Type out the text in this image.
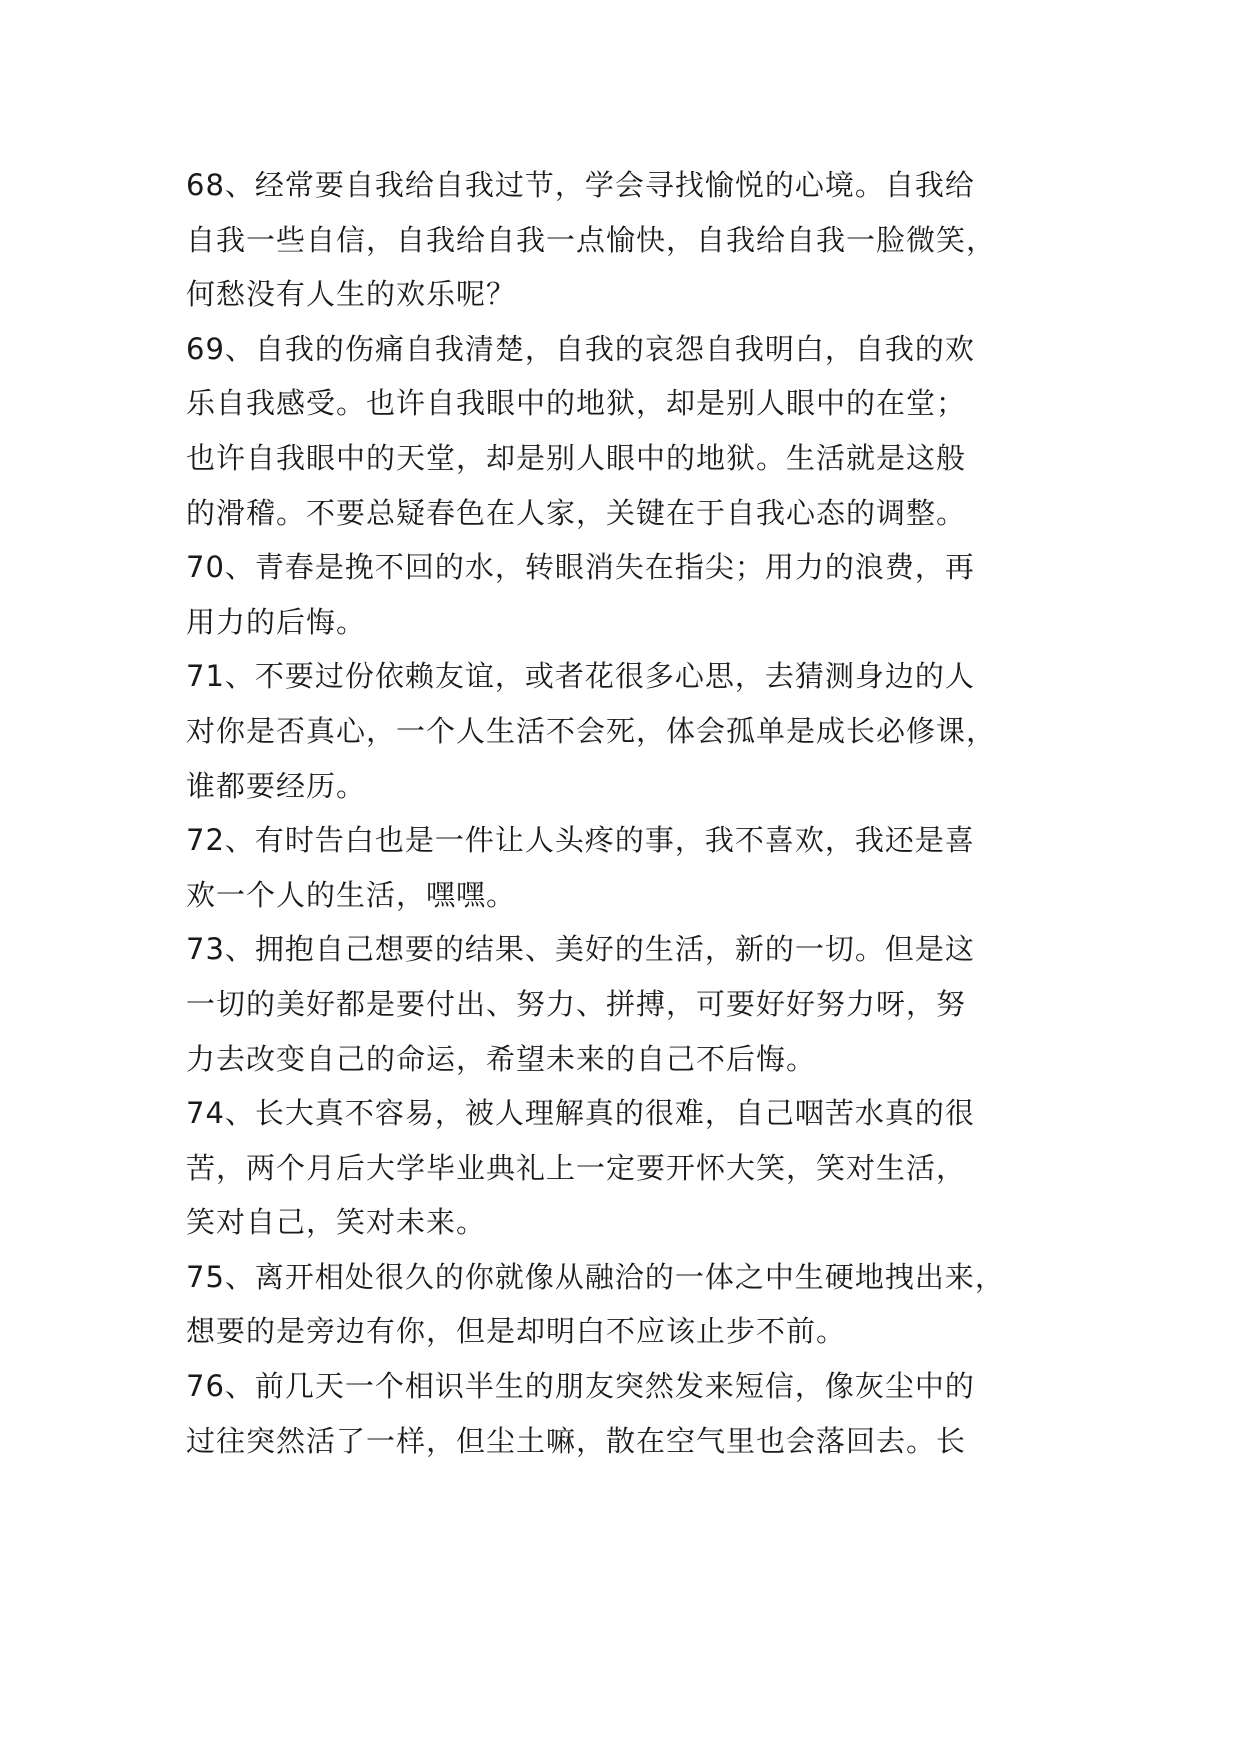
68、经常要自我给自我过节，学会寻找愉悦的心境。自我给
自我一些自信，自我给自我一点愉快，自我给自我一脸微笑，
何愁没有人生的欢乐呢？
69、自我的伤痛自我清楚，自我的哀怨自我明白，自我的欢
乐自我感受。也许自我眼中的地狱，却是别人眼中的在堂；
也许自我眼中的天堂，却是别人眼中的地狱。生活就是这般
的滑稽。不要总疑春色在人家，关键在于自我心态的调整。
70、青春是挽不回的水，转眼消失在指尖；用力的浪费，再
用力的后悔。
71、不要过份依赖友谊，或者花很多心思，去猜测身边的人
对你是否真心，一个人生活不会死，体会孤单是成长必修课，
谁都要经历。
72、有时告白也是一件让人头疼的事，我不喜欢，我还是喜
欢一个人的生活，嘿嘿。
73、拥抱自己想要的结果、美好的生活，新的一切。但是这
一切的美好都是要付出、努力、拼搏，可要好好努力呀，努
力去改变自己的命运，希望未来的自己不后悔。
74、长大真不容易，被人理解真的很难，自己咽苦水真的很
苦，两个月后大学毕业典礼上一定要开怀大笑，笑对生活，
笑对自己，笑对未来。
75、离开相处很久的你就像从融洽的一体之中生硬地拽出来，
想要的是旁边有你，但是却明白不应该止步不前。
76、前几天一个相识半生的朋友突然发来短信，像灰尘中的
过往突然活了一样，但尘土嘛，散在空气里也会落回去。长
